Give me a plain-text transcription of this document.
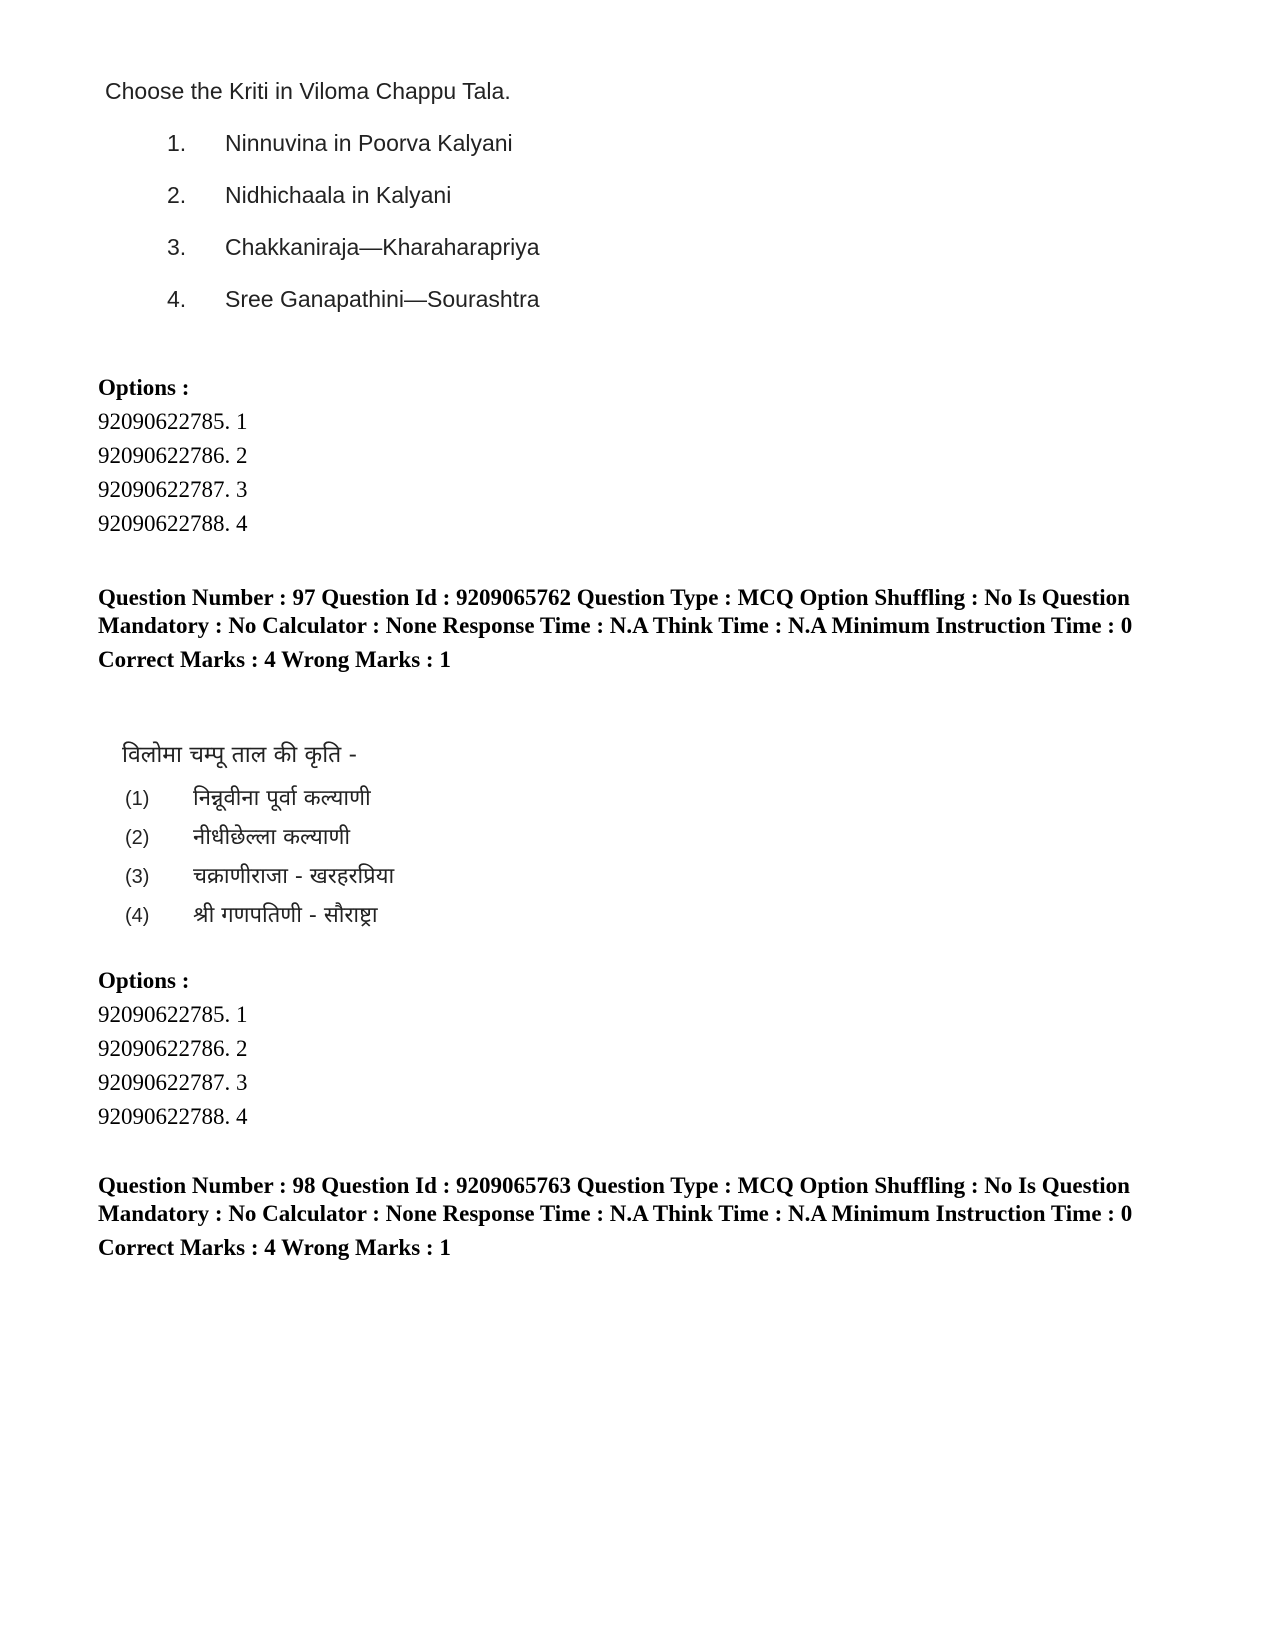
Choose the Kriti in Viloma Chappu Tala.

1.	Ninnuvina in Poorva Kalyani
2.	Nidhichaala in Kalyani
3.	Chakkaniraja—Kharaharapriya
4.	Sree Ganapathini—Sourashtra
Options :
92090622785. 1
92090622786. 2
92090622787. 3
92090622788. 4

Question Number : 97 Question Id : 9209065762 Question Type : MCQ Option Shuffling : No Is Question Mandatory : No Calculator : None Response Time : N.A Think Time : N.A Minimum Instruction Time : 0

Correct Marks : 4 Wrong Marks : 1

विलोमा चम्पू ताल की कृति -

(1)	निन्नूवीना पूर्वा कल्याणी
(2)	नीधीछेल्ला कल्याणी
(3)	चक्राणीराजा - खरहरप्रिया
(4)	श्री गणपतिणी - सौराष्ट्रा
Options :
92090622785. 1
92090622786. 2
92090622787. 3
92090622788. 4

Question Number : 98 Question Id : 9209065763 Question Type : MCQ Option Shuffling : No Is Question Mandatory : No Calculator : None Response Time : N.A Think Time : N.A Minimum Instruction Time : 0

Correct Marks : 4 Wrong Marks : 1
